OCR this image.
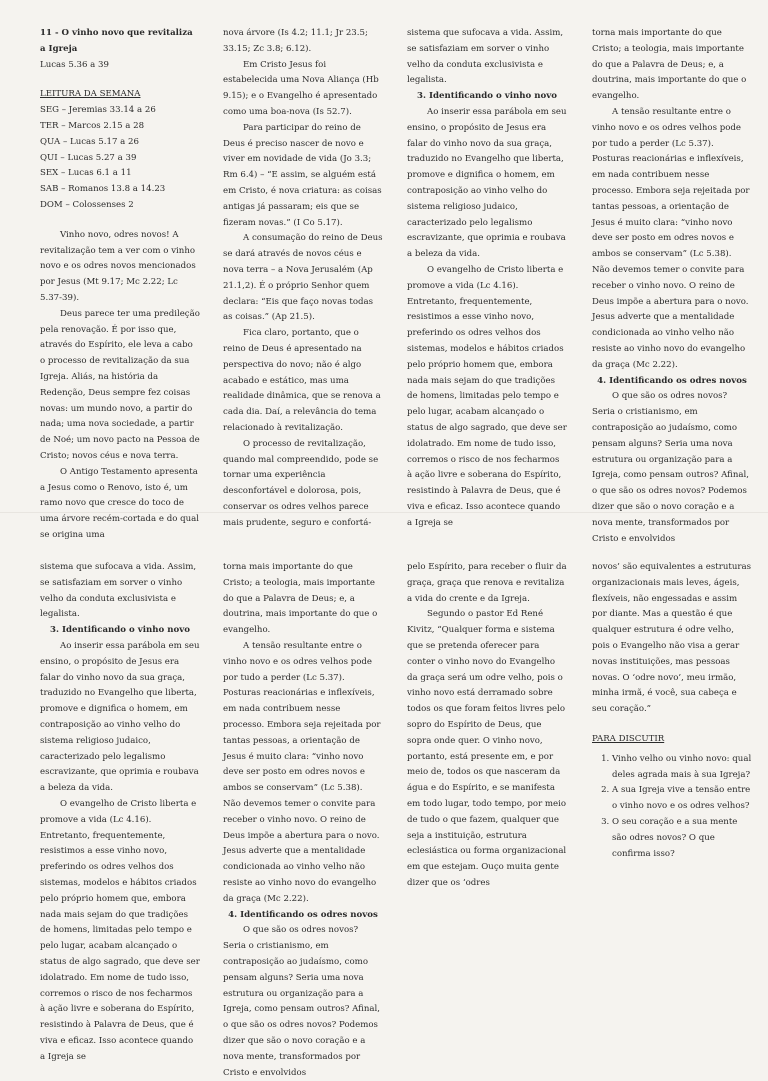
11 - O vinho novo que revitaliza a Igreja

Lucas 5.36 a 39

LEITURA DA SEMANA

SEG – Jeremias 33.14 a 26

TER – Marcos 2.15 a 28

QUA – Lucas 5.17 a 26

QUI – Lucas 5.27 a 39

SEX – Lucas 6.1 a 11

SAB – Romanos 13.8 a 14.23

DOM – Colossenses 2

Vinho novo, odres novos! A revitalização tem a ver com o vinho novo e os odres novos mencionados por Jesus (Mt 9.17; Mc 2.22; Lc 5.37-39).

Deus parece ter uma predileção pela renovação. É por isso que, através do Espírito, ele leva a cabo o processo de revitalização da sua Igreja. Aliás, na história da Redenção, Deus sempre fez coisas novas: um mundo novo, a partir do nada; uma nova sociedade, a partir de Noé; um novo pacto na Pessoa de Cristo; novos céus e nova terra.

O Antigo Testamento apresenta a Jesus como o Renovo, isto é, um ramo novo que cresce do toco de uma árvore recém-cortada e do qual se origina uma

nova árvore (Is 4.2; 11.1; Jr 23.5; 33.15; Zc 3.8; 6.12).

Em Cristo Jesus foi estabelecida uma Nova Aliança (Hb 9.15); e o Evangelho é apresentado como uma boa-nova (Is 52.7).

Para participar do reino de Deus é preciso nascer de novo e viver em novidade de vida (Jo 3.3; Rm 6.4) – “E assim, se alguém está em Cristo, é nova criatura: as coisas antigas já passaram; eis que se fizeram novas.” (I Co 5.17).

A consumação do reino de Deus se dará através de novos céus e nova terra – a Nova Jerusalém (Ap 21.1,2). É o próprio Senhor quem declara: “Eis que faço novas todas as coisas.” (Ap 21.5).

Fica claro, portanto, que o reino de Deus é apresentado na perspectiva do novo; não é algo acabado e estático, mas uma realidade dinâmica, que se renova a cada dia. Daí, a relevância do tema relacionado à revitalização.

O processo de revitalização, quando mal compreendido, pode se tornar uma experiência desconfortável e dolorosa, pois, conservar os odres velhos parece mais prudente, seguro e confortá-

sistema que sufocava a vida. Assim, se satisfaziam em sorver o vinho velho da conduta exclusivista e legalista.

3. Identificando o vinho novo

Ao inserir essa parábola em seu ensino, o propósito de Jesus era falar do vinho novo da sua graça, traduzido no Evangelho que liberta, promove e dignifica o homem, em contraposição ao vinho velho do sistema religioso judaico, caracterizado pelo legalismo escravizante, que oprimia e roubava a beleza da vida.

O evangelho de Cristo liberta e promove a vida (Lc 4.16). Entretanto, frequentemente, resistimos a esse vinho novo, preferindo os odres velhos dos sistemas, modelos e hábitos criados pelo próprio homem que, embora nada mais sejam do que tradições de homens, limitadas pelo tempo e pelo lugar, acabam alcançado o status de algo sagrado, que deve ser idolatrado. Em nome de tudo isso, corremos o risco de nos fecharmos à ação livre e soberana do Espírito, resistindo à Palavra de Deus, que é viva e eficaz. Isso acontece quando a Igreja se

torna mais importante do que Cristo; a teologia, mais importante do que a Palavra de Deus; e, a doutrina, mais importante do que o evangelho.

A tensão resultante entre o vinho novo e os odres velhos pode por tudo a perder (Lc 5.37). Posturas reacionárias e inflexíveis, em nada contribuem nesse processo. Embora seja rejeitada por tantas pessoas, a orientação de Jesus é muito clara: “vinho novo deve ser posto em odres novos e ambos se conservam” (Lc 5.38). Não devemos temer o convite para receber o vinho novo. O reino de Deus impõe a abertura para o novo. Jesus adverte que a mentalidade condicionada ao vinho velho não resiste ao vinho novo do evangelho da graça (Mc 2.22).

4. Identificando os odres novos

O que são os odres novos? Seria o cristianismo, em contraposição ao judaísmo, como pensam alguns? Seria uma nova estrutura ou organização para a Igreja, como pensam outros? Afinal, o que são os odres novos? Podemos dizer que são o novo coração e a nova mente, transformados por Cristo e envolvidos

sistema que sufocava a vida. Assim, se satisfaziam em sorver o vinho velho da conduta exclusivista e legalista.

3. Identificando o vinho novo

Ao inserir essa parábola em seu ensino, o propósito de Jesus era falar do vinho novo da sua graça, traduzido no Evangelho que liberta, promove e dignifica o homem, em contraposição ao vinho velho do sistema religioso judaico, caracterizado pelo legalismo escravizante, que oprimia e roubava a beleza da vida.

O evangelho de Cristo liberta e promove a vida (Lc 4.16). Entretanto, frequentemente, resistimos a esse vinho novo, preferindo os odres velhos dos sistemas, modelos e hábitos criados pelo próprio homem que, embora nada mais sejam do que tradições de homens, limitadas pelo tempo e pelo lugar, acabam alcançado o status de algo sagrado, que deve ser idolatrado. Em nome de tudo isso, corremos o risco de nos fecharmos à ação livre e soberana do Espírito, resistindo à Palavra de Deus, que é viva e eficaz. Isso acontece quando a Igreja se

torna mais importante do que Cristo; a teologia, mais importante do que a Palavra de Deus; e, a doutrina, mais importante do que o evangelho.

A tensão resultante entre o vinho novo e os odres velhos pode por tudo a perder (Lc 5.37). Posturas reacionárias e inflexíveis, em nada contribuem nesse processo. Embora seja rejeitada por tantas pessoas, a orientação de Jesus é muito clara: “vinho novo deve ser posto em odres novos e ambos se conservam” (Lc 5.38). Não devemos temer o convite para receber o vinho novo. O reino de Deus impõe a abertura para o novo. Jesus adverte que a mentalidade condicionada ao vinho velho não resiste ao vinho novo do evangelho da graça (Mc 2.22).

4. Identificando os odres novos

O que são os odres novos? Seria o cristianismo, em contraposição ao judaísmo, como pensam alguns? Seria uma nova estrutura ou organização para a Igreja, como pensam outros? Afinal, o que são os odres novos? Podemos dizer que são o novo coração e a nova mente, transformados por Cristo e envolvidos

pelo Espírito, para receber o fluir da graça, graça que renova e revitaliza a vida do crente e da Igreja.

Segundo o pastor Ed René Kivitz, “Qualquer forma e sistema que se pretenda oferecer para conter o vinho novo do Evangelho da graça será um odre velho, pois o vinho novo está derramado sobre todos os que foram feitos livres pelo sopro do Espírito de Deus, que sopra onde quer. O vinho novo, portanto, está presente em, e por meio de, todos os que nasceram da água e do Espírito, e se manifesta em todo lugar, todo tempo, por meio de tudo o que fazem, qualquer que seja a instituição, estrutura eclesiástica ou forma organizacional em que estejam. Ouço muita gente dizer que os ‘odres

novos’ são equivalentes a estruturas organizacionais mais leves, ágeis, flexíveis, não engessadas e assim por diante. Mas a questão é que qualquer estrutura é odre velho, pois o Evangelho não visa a gerar novas instituições, mas pessoas novas. O ‘odre novo’, meu irmão, minha irmã, é você, sua cabeça e seu coração.”

PARA DISCUTIR

1. Vinho velho ou vinho novo: qual deles agrada mais à sua Igreja?
2. A sua Igreja vive a tensão entre o vinho novo e os odres velhos?
3. O seu coração e a sua mente são odres novos? O que confirma isso?
